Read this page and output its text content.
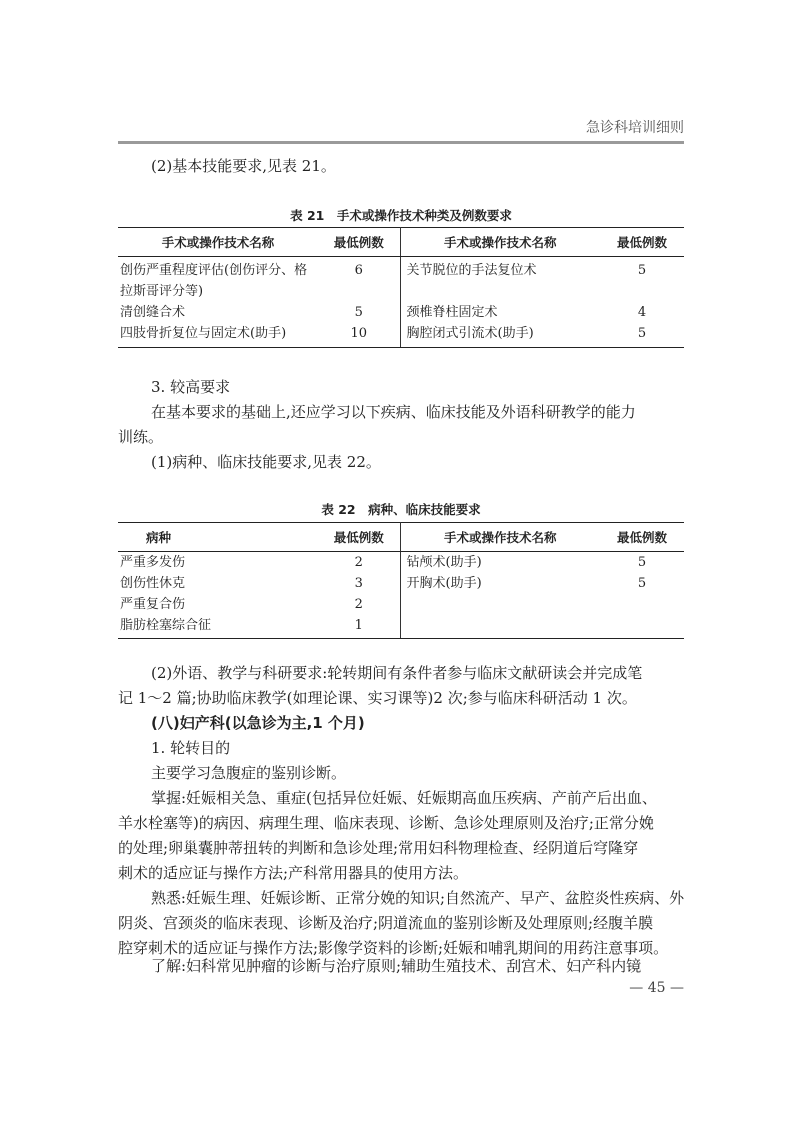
急诊科培训细则
(2)基本技能要求,见表 21。
表 21　手术或操作技术种类及例数要求
手术或操作技术名称	最低例数	手术或操作技术名称	最低例数

创伤严重程度评估(创伤评分、格
拉斯哥评分等)	6	关节脱位的手法复位术	5
清创缝合术	5	颈椎脊柱固定术	4
四肢骨折复位与固定术(助手)	10	胸腔闭式引流术(助手)	5
3. 较高要求
在基本要求的基础上,还应学习以下疾病、临床技能及外语科研教学的能力
训练。
(1)病种、临床技能要求,见表 22。
表 22　病种、临床技能要求
病种	最低例数	手术或操作技术名称	最低例数
严重多发伤	2	钻颅术(助手)	5
创伤性休克	3	开胸术(助手)	5
严重复合伤	2		
脂肪栓塞综合征	1		
(2)外语、教学与科研要求:轮转期间有条件者参与临床文献研读会并完成笔
记 1～2 篇;协助临床教学(如理论课、实习课等)2 次;参与临床科研活动 1 次。
(八)妇产科(以急诊为主,1 个月)
1. 轮转目的
主要学习急腹症的鉴别诊断。
掌握:妊娠相关急、重症(包括异位妊娠、妊娠期高血压疾病、产前产后出血、
羊水栓塞等)的病因、病理生理、临床表现、诊断、急诊处理原则及治疗;正常分娩
的处理;卵巢囊肿蒂扭转的判断和急诊处理;常用妇科物理检查、经阴道后穹隆穿
刺术的适应证与操作方法;产科常用器具的使用方法。
熟悉:妊娠生理、妊娠诊断、正常分娩的知识;自然流产、早产、盆腔炎性疾病、外
阴炎、宫颈炎的临床表现、诊断及治疗;阴道流血的鉴别诊断及处理原则;经腹羊膜
腔穿刺术的适应证与操作方法;影像学资料的诊断;妊娠和哺乳期间的用药注意事项。
了解:妇科常见肿瘤的诊断与治疗原则;辅助生殖技术、刮宫术、妇产科内镜
— 45 —
